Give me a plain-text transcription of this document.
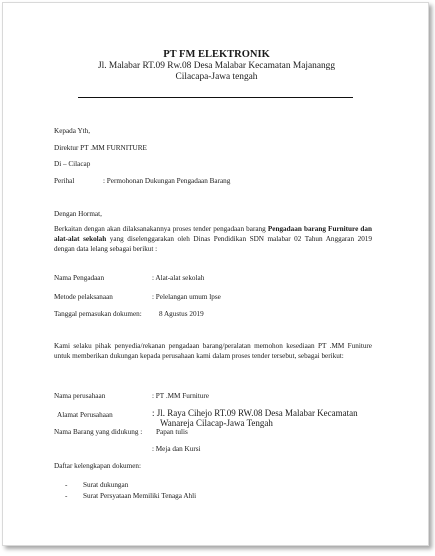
PT FM ELEKTRONIK
Jl. Malabar RT.09 Rw.08 Desa Malabar Kecamatan Majanangg
Cilacapa-Jawa tengah
Kepada Yth,
Direktur PT .MM FURNITURE
Di – Cilacap
Perihal	: Permohonan Dukungan Pengadaan Barang
Dengan Hormat,
Berkaitan dengan akan dilaksanakannya proses tender pengadaan barang Pengadaan barang Furniture dan alat-alat sekolah yang diselenggarakan oleh Dinas Pendidikan SDN malabar 02 Tahun Anggaran 2019 dengan data lelang sebagai berikut :
Nama Pengadaan	: Alat-alat sekolah
Metode pelaksanaan	: Pelelangan umum lpse
Tanggal pemasukan dokumen: 8 Agustus 2019
Kami selaku pihak penyedia/rekanan pengadaan barang/peralatan memohon kesediaan PT .MM Funiture untuk memberikan dukungan kepada perusahaan kami dalam proses tender tersebut, sebagai berikut:
Nama perusahaan	: PT .MM Furniture
Alamat Perusahaan	: Jl. Raya Cihejo RT.09 RW.08 Desa Malabar Kecamatan
Wanareja Cilacap-Jawa Tengah
Nama Barang yang didukung : Papan tulis
: Meja dan Kursi
Daftar kelengkapan dokumen:
- Surat dukungan
- Surat Persyataan Memiliki Tenaga Ahli
